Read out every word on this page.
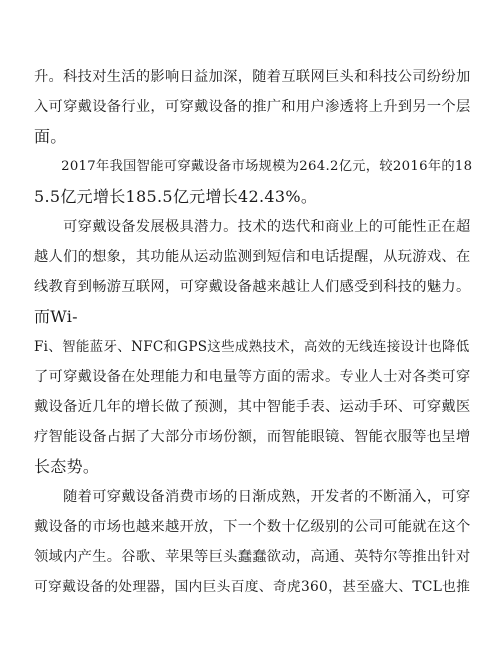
升。科技对生活的影响日益加深，随着互联网巨头和科技公司纷纷加
入可穿戴设备行业，可穿戴设备的推广和用户渗透将上升到另一个层
面。
　　2017年我国智能可穿戴设备市场规模为264.2亿元，较2016年的18
5.5亿元增长185.5亿元增长42.43%。
　　可穿戴设备发展极具潜力。技术的迭代和商业上的可能性正在超
越人们的想象，其功能从运动监测到短信和电话提醒，从玩游戏、在
线教育到畅游互联网，可穿戴设备越来越让人们感受到科技的魅力。
而Wi-
Fi、智能蓝牙、NFC和GPS这些成熟技术，高效的无线连接设计也降低
了可穿戴设备在处理能力和电量等方面的需求。专业人士对各类可穿
戴设备近几年的增长做了预测，其中智能手表、运动手环、可穿戴医
疗智能设备占据了大部分市场份额，而智能眼镜、智能衣服等也呈增
长态势。
　　随着可穿戴设备消费市场的日渐成熟，开发者的不断涌入，可穿
戴设备的市场也越来越开放，下一个数十亿级别的公司可能就在这个
领域内产生。谷歌、苹果等巨头蠢蠢欲动，高通、英特尔等推出针对
可穿戴设备的处理器，国内巨头百度、奇虎360，甚至盛大、TCL也推
